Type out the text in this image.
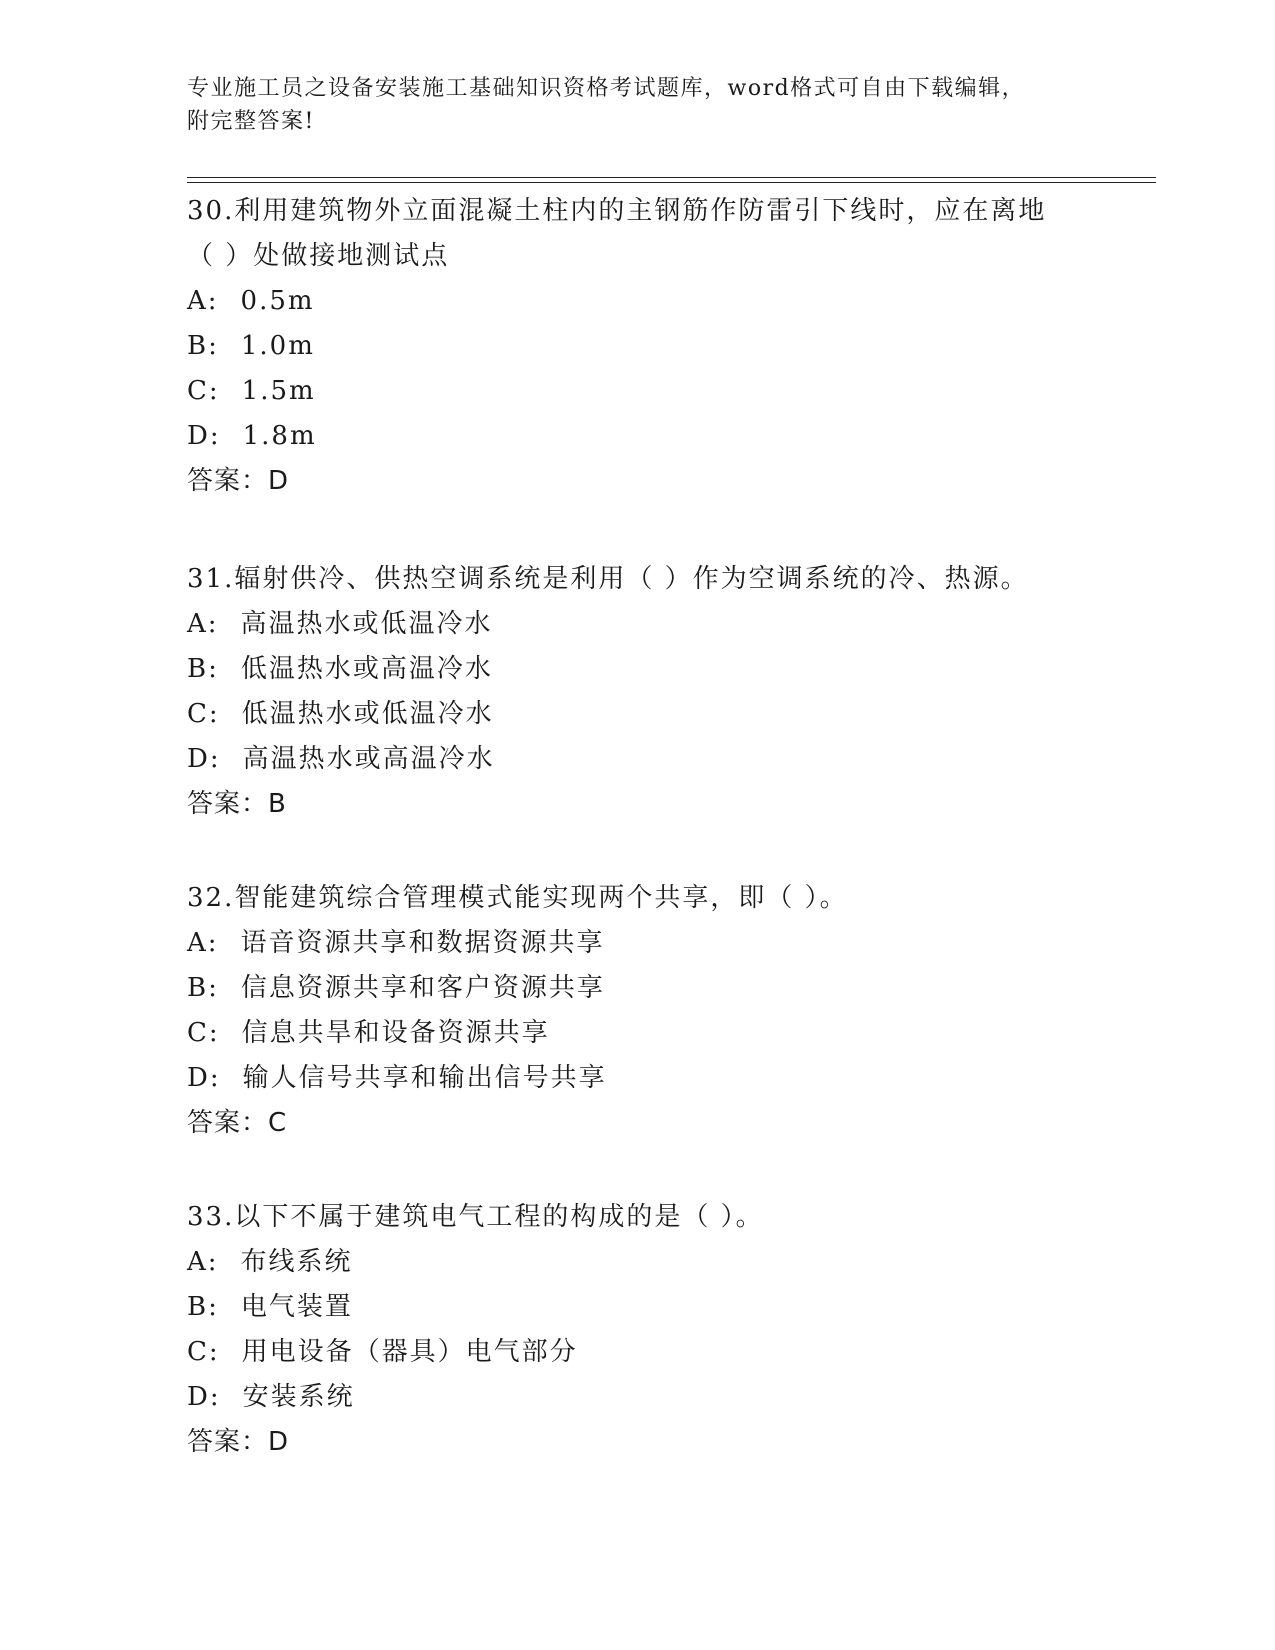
专业施工员之设备安装施工基础知识资格考试题库，word格式可自由下载编辑，
附完整答案!
30.利用建筑物外立面混凝土柱内的主钢筋作防雷引下线时，应在离地
（ ）处做接地测试点
A: 0.5m
B: 1.0m
C: 1.5m
D: 1.8m
答案：D
31.辐射供冷、供热空调系统是利用（ ）作为空调系统的冷、热源。
A: 高温热水或低温冷水
B: 低温热水或高温冷水
C: 低温热水或低温冷水
D: 高温热水或高温冷水
答案：B
32.智能建筑综合管理模式能实现两个共享，即（ ）。
A: 语音资源共享和数据资源共享
B: 信息资源共享和客户资源共享
C: 信息共旱和设备资源共享
D: 输人信号共享和输出信号共享
答案：C
33.以下不属于建筑电气工程的构成的是（ ）。
A: 布线系统
B: 电气装置
C: 用电设备（器具）电气部分
D: 安装系统
答案：D
